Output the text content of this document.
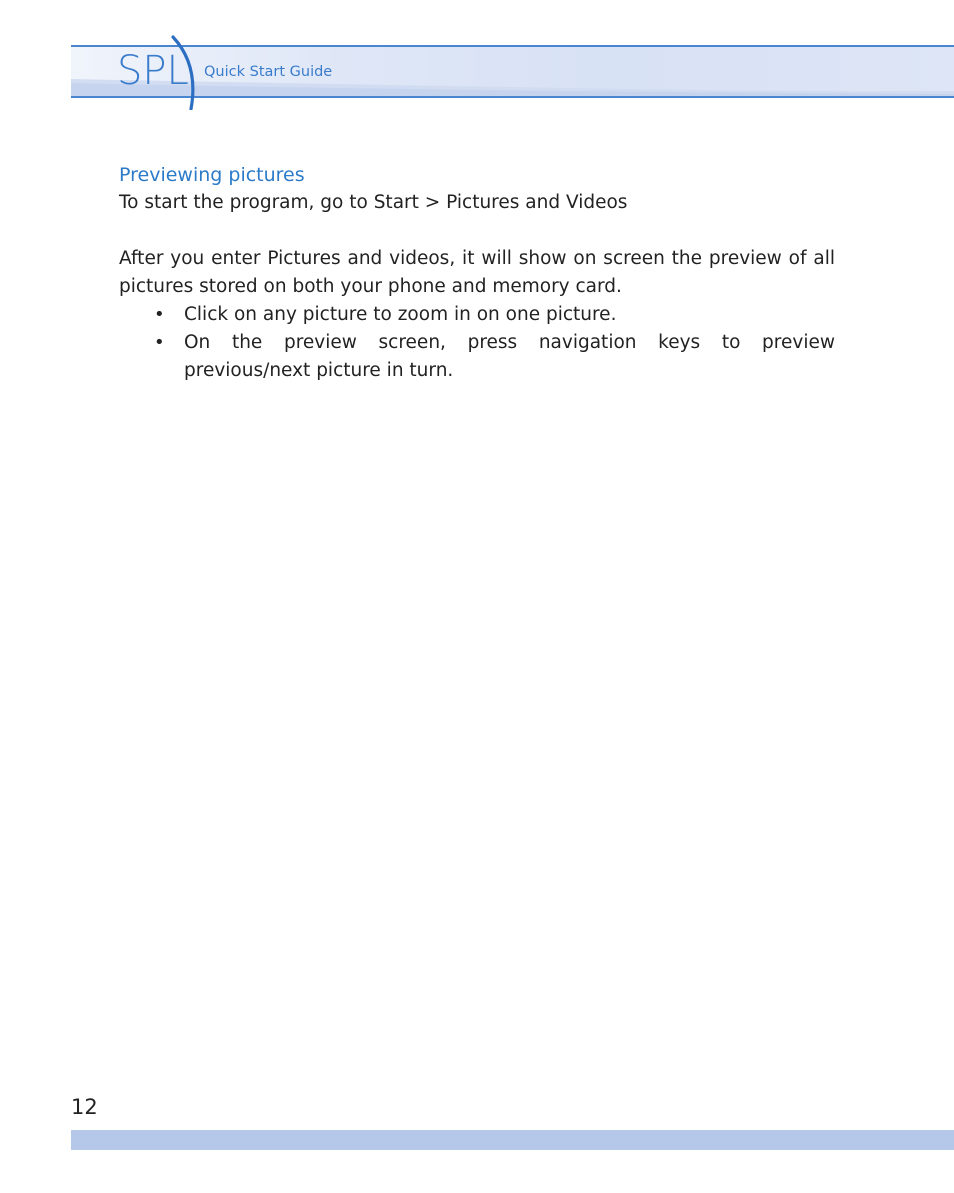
SPL Quick Start Guide
Previewing pictures

To start the program, go to Start > Pictures and Videos

After you enter Pictures and videos, it will show on screen the preview of all pictures stored on both your phone and memory card.

• Click on any picture to zoom in on one picture.
• On the preview screen, press navigation keys to preview previous/next picture in turn.
12
